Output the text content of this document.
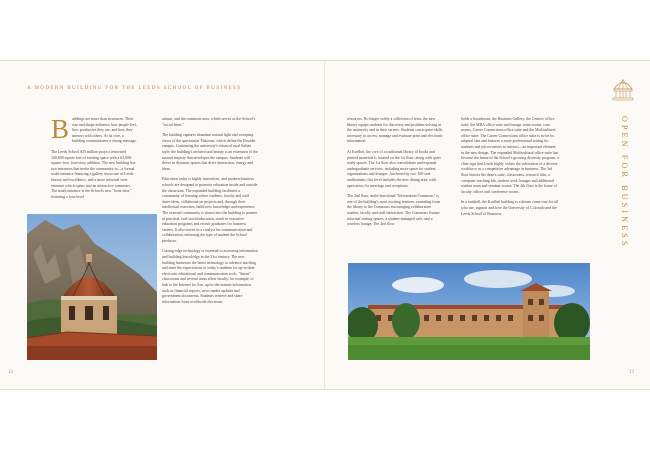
A MODERN BUILDING FOR THE LEEDS SCHOOL OF BUSINESS

B uildings are more than structures. Their size and shape influence how people feel, how productive they are, and how they interact with others. At its core, a building communicates a strong message.

The Leeds School $35 million project renovated 100,000 square feet of existing space with a 62,000-square-foot, four-story addition. The new building has two entrances that invite the community in—a formal south entrance featuring a gallery showcase of Leeds history and excellence, and a more informal west entrance which opens into an interactive commons. The south entrance is the School's new "front door," featuring a four-level

atrium, and the commons area, which serves as the School's "social heart."

The building captures abundant natural light and sweeping views of the spectacular Flatirons, which define the Boulder campus. Continuing the university's classical rural Italian style, the building's architectural beauty is an extension of the natural majesty that envelopes the campus. Students will thrive in dynamic spaces that drive interaction, energy and ideas.

Education today is highly interactive, and modern business schools are designed to promote education inside and outside the classroom. The expanded building facilitates a community of learning where students, faculty and staff share ideas, collaborate on projects and, through their intellectual exercises, build new knowledge and experience. The external community is drawn into the building to partner in practical, real-world education, result in executive education programs and recruit graduates for business careers. It also serves as a catalyst for communication and collaboration, mirroring the type of student the School produces.

Cutting-edge technology is essential to accessing information and building knowledge in the 21st century. The new building harnesses the latest technology to advance teaching and meet the expectations of today's students for up-to-date electronic educational and communication tools. "Smart" classrooms and several areas allow faculty, for example, to link to the Internet for live, up-to-the-minute information such as financial reports, news media updates and government documents. Students retrieve and share information from worldwide electronic

resources. No longer solely a collection of texts, the new library equips students for discovery and problem-solving at the university and in their careers. Students can acquire skills necessary to access, manage and evaluate print and electronic information.

At Koelbel, the core of a traditional library of books and printed materials is located on the 1st floor, along with quiet study spaces. The 1st floor also consolidates and expands undergraduate services, including more space for student organizations and lounges. Anchored by two 100-seat auditoriums, this level includes the new dining area, with open areas for meetings and receptions.

The 2nd floor, multi-functional "Information Commons" is one of the building's most exciting features, extending from the library to the Commons encouraging collaborative student, faculty and staff interaction. The Commons feature informal seating spaces, a student-managed cafe, and a wireless lounge. The 2nd floor

holds a boardroom, the Business Gallery, the Centers' office suite, the MBA office suite and lounge, team rooms, case rooms, Career Connections office suite and the Multicultural office suite. The Career Connections office suite is twice its original size and features a more professional setting for students and job recruiters to interact—an important element in the new design. The expanded Multicultural office suite has become the home of the School's growing diversity program, a clear sign that Leeds highly values the cultivation of a diverse workforce as a competitive advantage in business. The 3rd floor houses the dean's suite, classrooms, research labs, a computer teaching lab, student work lounges and additional student team and seminar rooms. The 4th floor is the home of faculty offices and conference rooms.

In a nutshell, the Koelbel building is a dream come true for all who use, support and love the University of Colorado and the Leeds School of Business.

12	13
OPEN FOR BUSINESS
